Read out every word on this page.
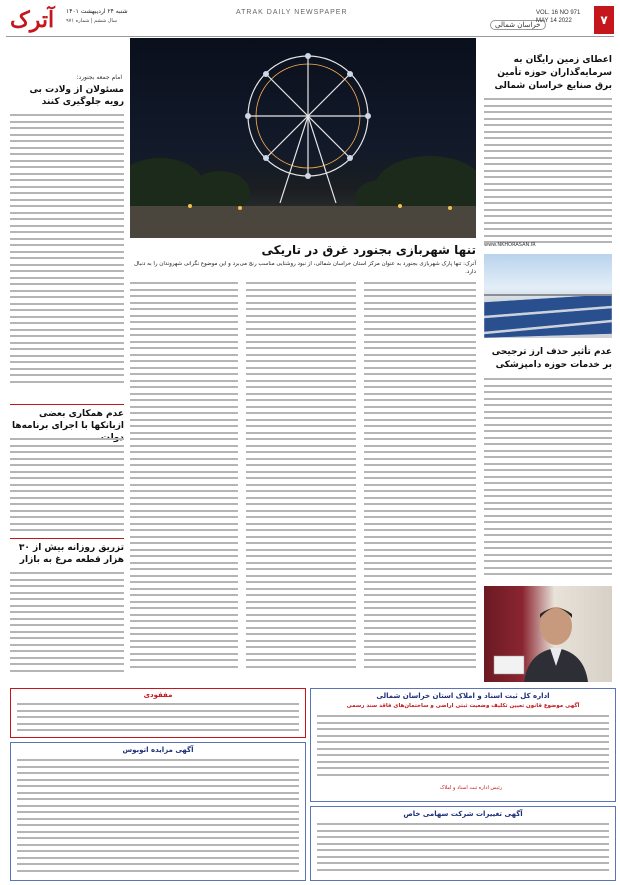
آترک	شنبه ۲۴ اردیبهشت ۱۴۰۱
سال ششم | شماره ۹۷۱
ATRAK DAILY NEWSPAPER
خراسان شمالی
VOL. 16 NO 971
MAY 14 2022	۷
امام جمعه بجنورد:
مسئولان از ولادت بی رویه جلوگیری کنند
عدم همکاری بعضی ازبانکها با اجرای برنامه‌ها
تزریق روزانه بیش از ۳۰ هزار قطعه مرغ به بازار
تنها شهربازی بجنورد غرق در تاریکی
آترک: تنها پارک شهربازی بجنورد به عنوان مرکز استان خراسان شمالی، از نبود روشنایی مناسب رنج می‌برد و این موضوع نگرانی شهروندان را به دنبال دارد.
اعطای زمین رایگان به سرمایه‌گذاران حوزه تأمین برق صنایع خراسان شمالی
www.NKHORASAN.IR
عدم تأثیر حذف ارز ترجیحی بر خدمات حوزه دامپزشکی
مفقودی
آگهی مزایده اتوبوس
اداره کل ثبت اسناد و املاک استان خراسان شمالی
آگهی موضوع قانون تعیین تکلیف وضعیت ثبتی اراضی و ساختمان‌های فاقد سند رسمی
رئیس اداره ثبت اسناد و املاک
آگهی تغییرات شرکت سهامی خاص
